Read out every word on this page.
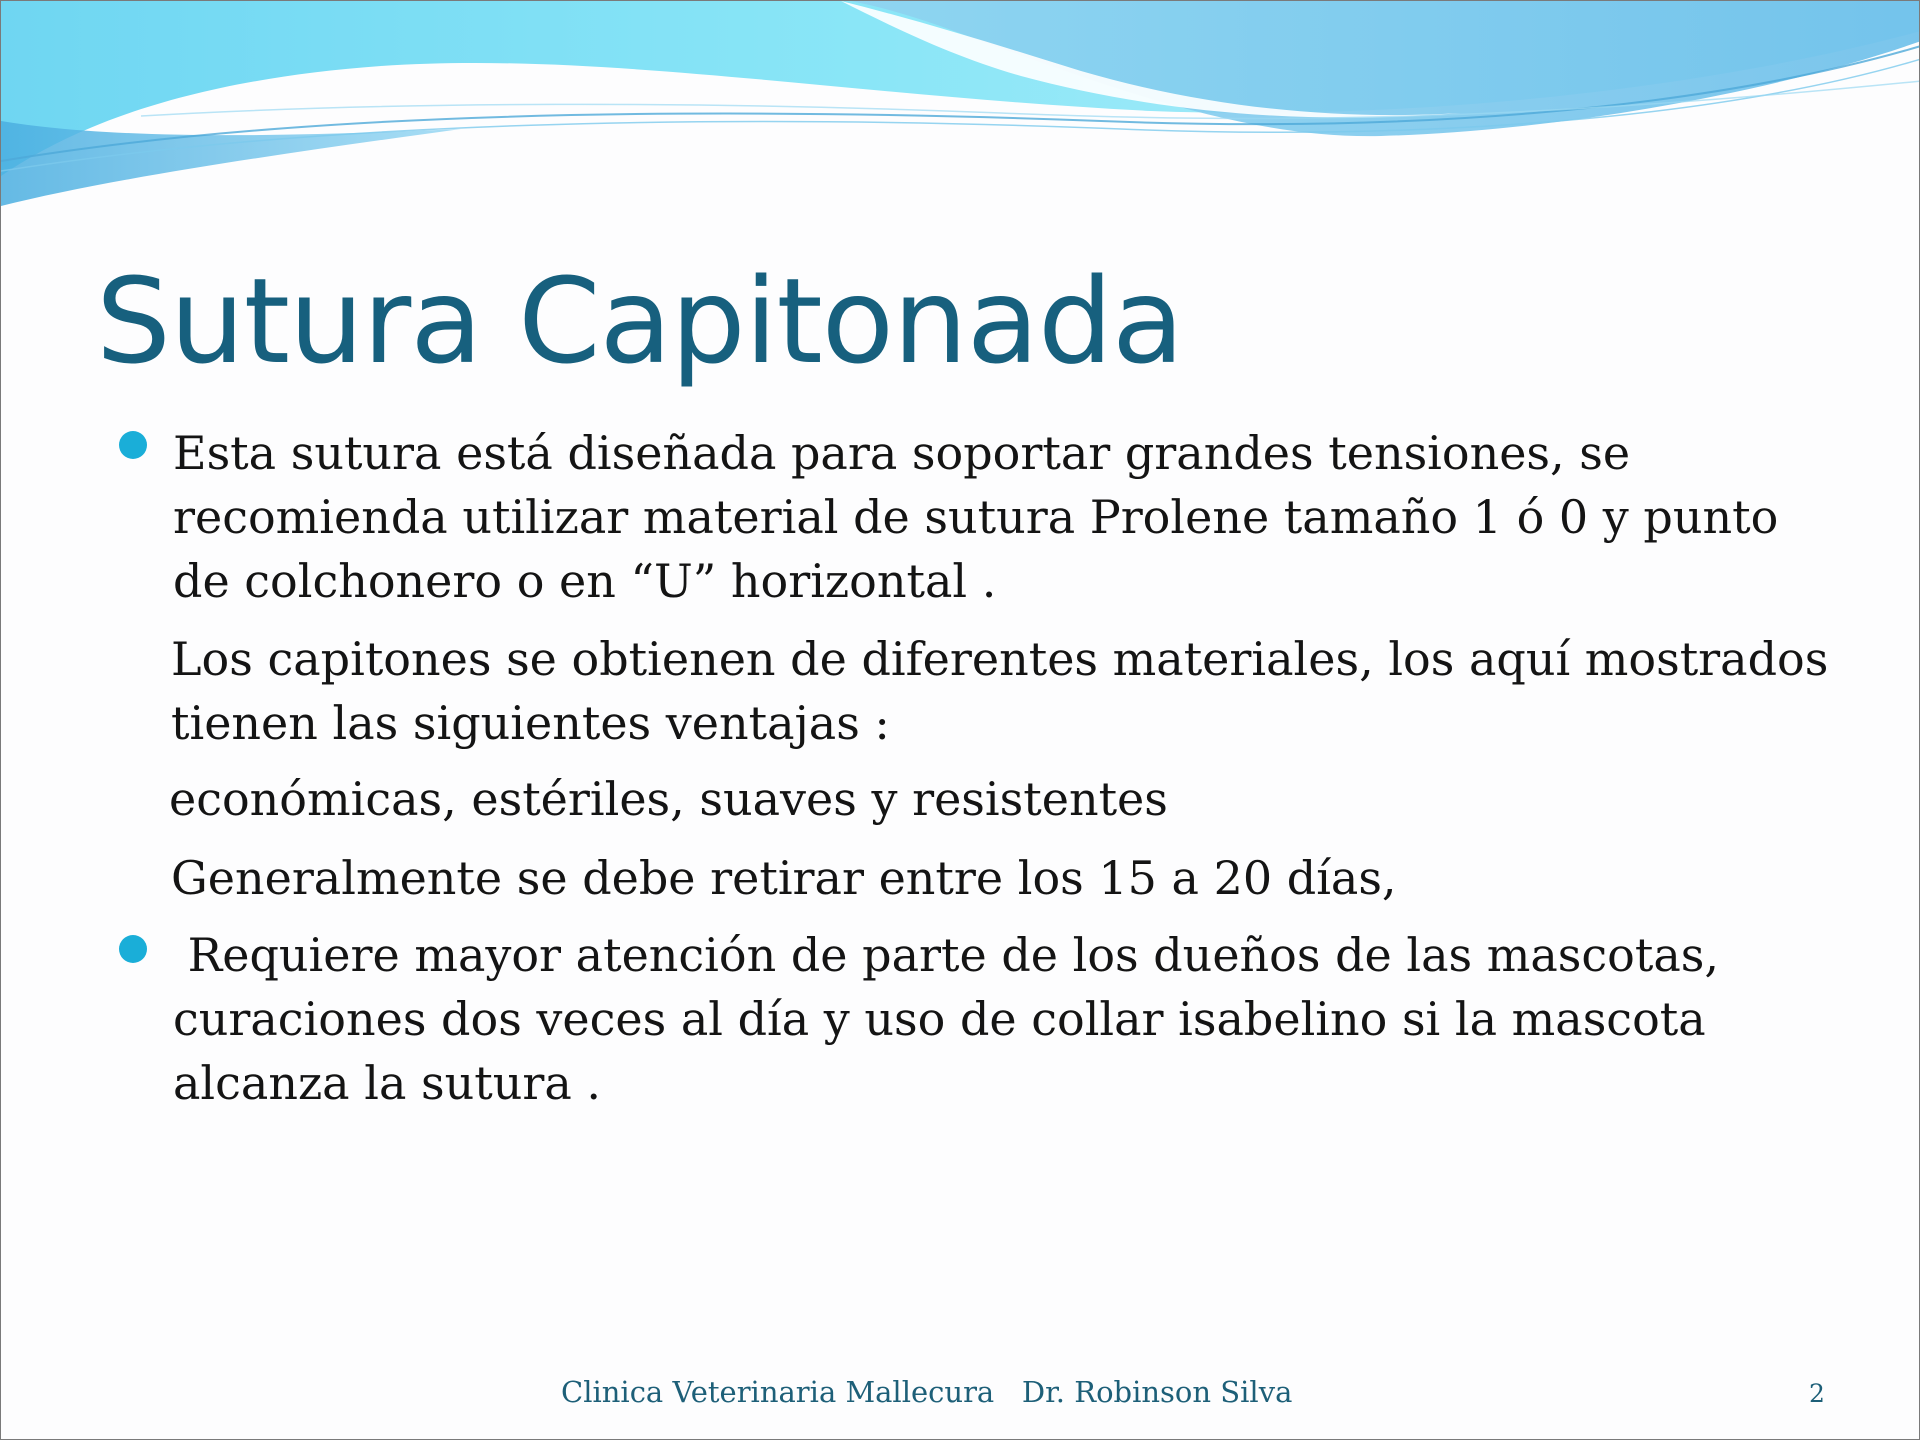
Sutura Capitonada

Esta sutura está diseñada para soportar grandes tensiones, se
recomienda utilizar material de sutura Prolene tamaño 1 ó 0 y punto
de colchonero o en “U” horizontal .

Los capitones se obtienen de diferentes materiales, los aquí mostrados
tienen las siguientes ventajas :

económicas, estériles, suaves y resistentes

Generalmente se debe retirar entre los 15 a 20 días,

Requiere mayor atención de parte de los dueños de las mascotas,
curaciones dos veces al día y uso de collar isabelino si la mascota
alcanza la sutura .

Clinica Veterinaria Mallecura   Dr. Robinson Silva	2
